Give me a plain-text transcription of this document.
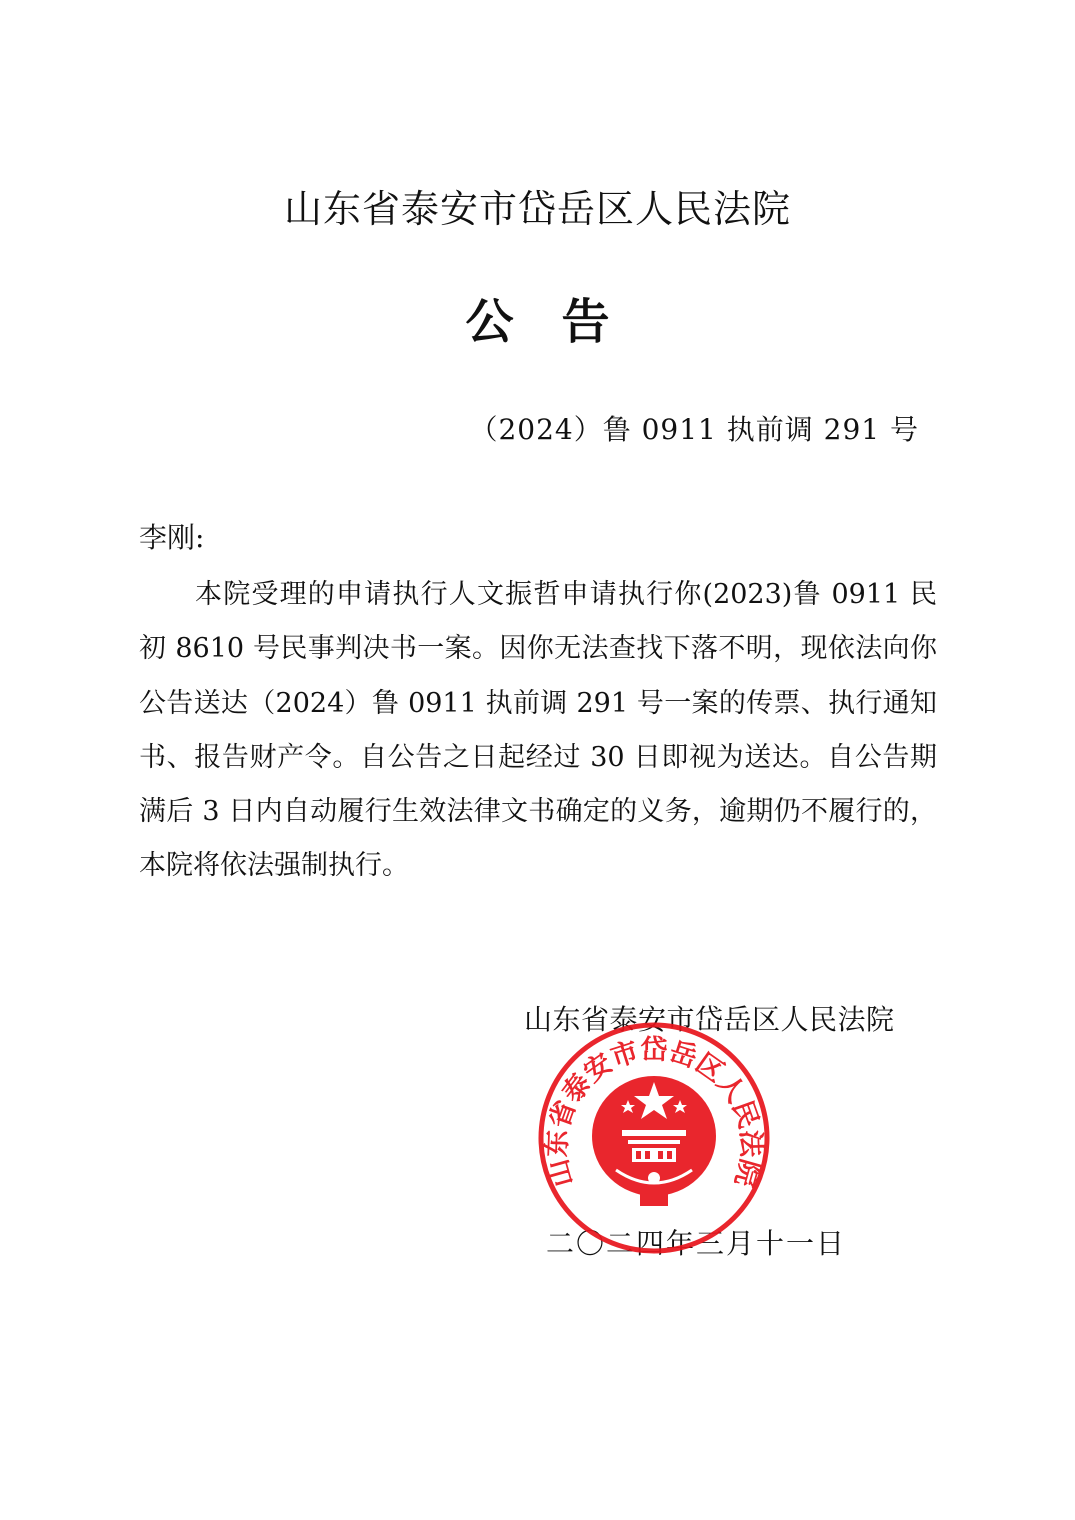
山东省泰安市岱岳区人民法院
公告
（2024）鲁 0911 执前调 291 号
李刚:
本院受理的申请执行人文振哲申请执行你(2023)鲁 0911 民初 8610 号民事判决书一案。因你无法查找下落不明，现依法向你公告送达（2024）鲁 0911 执前调 291 号一案的传票、执行通知书、报告财产令。自公告之日起经过 30 日即视为送达。自公告期满后 3 日内自动履行生效法律文书确定的义务，逾期仍不履行的，本院将依法强制执行。
山东省泰安市岱岳区人民法院
二〇二四年三月十一日
山东省泰安市岱岳区人民法院
